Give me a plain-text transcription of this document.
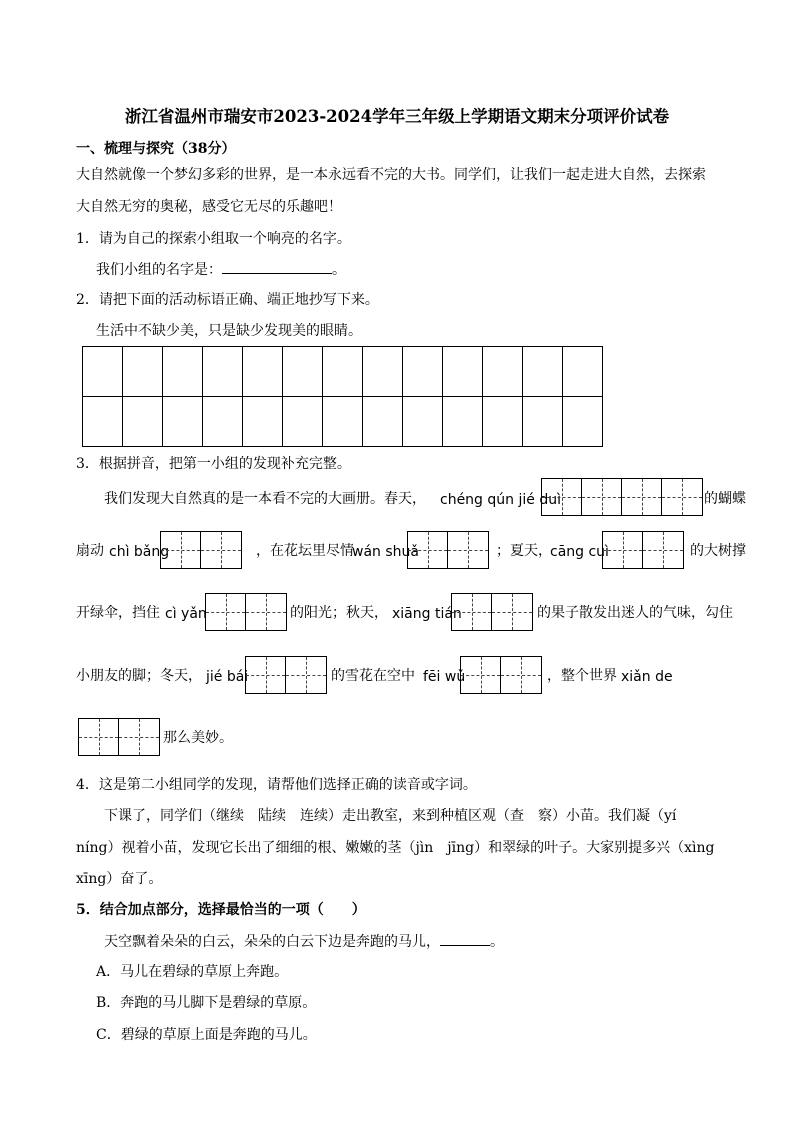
浙江省温州市瑞安市2023-2024学年三年级上学期语文期末分项评价试卷
一、梳理与探究（38分）
大自然就像一个梦幻多彩的世界，是一本永远看不完的大书。同学们，让我们一起走进大自然，去探索
大自然无穷的奥秘，感受它无尽的乐趣吧！
1．请为自己的探索小组取一个响亮的名字。
我们小组的名字是：	。
2．请把下面的活动标语正确、端正地抄写下来。
生活中不缺少美，只是缺少发现美的眼睛。
3．根据拼音，把第一小组的发现补充完整。
我们发现大自然真的是一本看不完的大画册。春天， chéng qún jié duì	的蝴蝶
扇动 chì bǎng	，在花坛里尽情
wán shuǎ	；夏天，
cāng cuì	的大树撑
开绿伞，挡住 cì yǎn	的阳光；秋天， xiāng tián	的果子散发出迷人的气味，勾住
小朋友的脚；冬天， jié bái	的雪花在空中 fēi wǔ	，整个世界 xiǎn de
那么美妙。
4．这是第二小组同学的发现，请帮他们选择正确的读音或字词。
下课了，同学们（继续　陆续　连续）走出教室，来到种植区观（查　察）小苗。我们凝（yí
níng）视着小苗，发现它长出了细细的根、嫩嫩的茎（jìn　jīng）和翠绿的叶子。大家别提多兴（xìng
xīng）奋了。
5．结合加点部分，选择最恰当的一项（　　）
天空飘着朵朵的白云，朵朵的白云下边是奔跑的马儿，	。
A．马儿在碧绿的草原上奔跑。
B．奔跑的马儿脚下是碧绿的草原。
C．碧绿的草原上面是奔跑的马儿。
